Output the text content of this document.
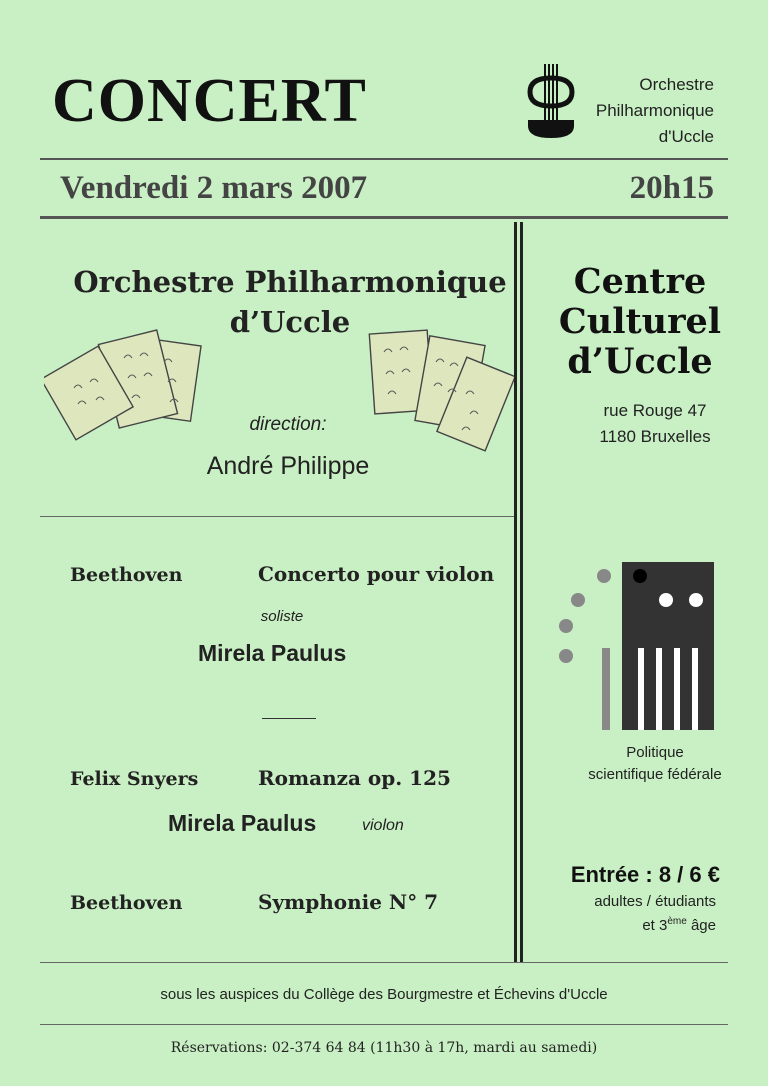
CONCERT	Orchestre
Philharmonique
d'Uccle
Vendredi 2 mars 2007	20h15
Orchestre Philharmonique
d’Uccle
direction:
André Philippe
Centre
Culturel
d’Uccle
rue Rouge 47
1180 Bruxelles
Beethoven	Concerto pour violon
soliste
Mirela Paulus
Felix Snyers	Romanza op. 125
Mirela Paulus	violon
Beethoven	Symphonie N° 7
Politique
scientifique fédérale
Entrée : 8 / 6 €
adultes / étudiants
et 3ème âge
sous les auspices du Collège des Bourgmestre et Échevins d'Uccle
Réservations: 02-374 64 84 (11h30 à 17h, mardi au samedi)
